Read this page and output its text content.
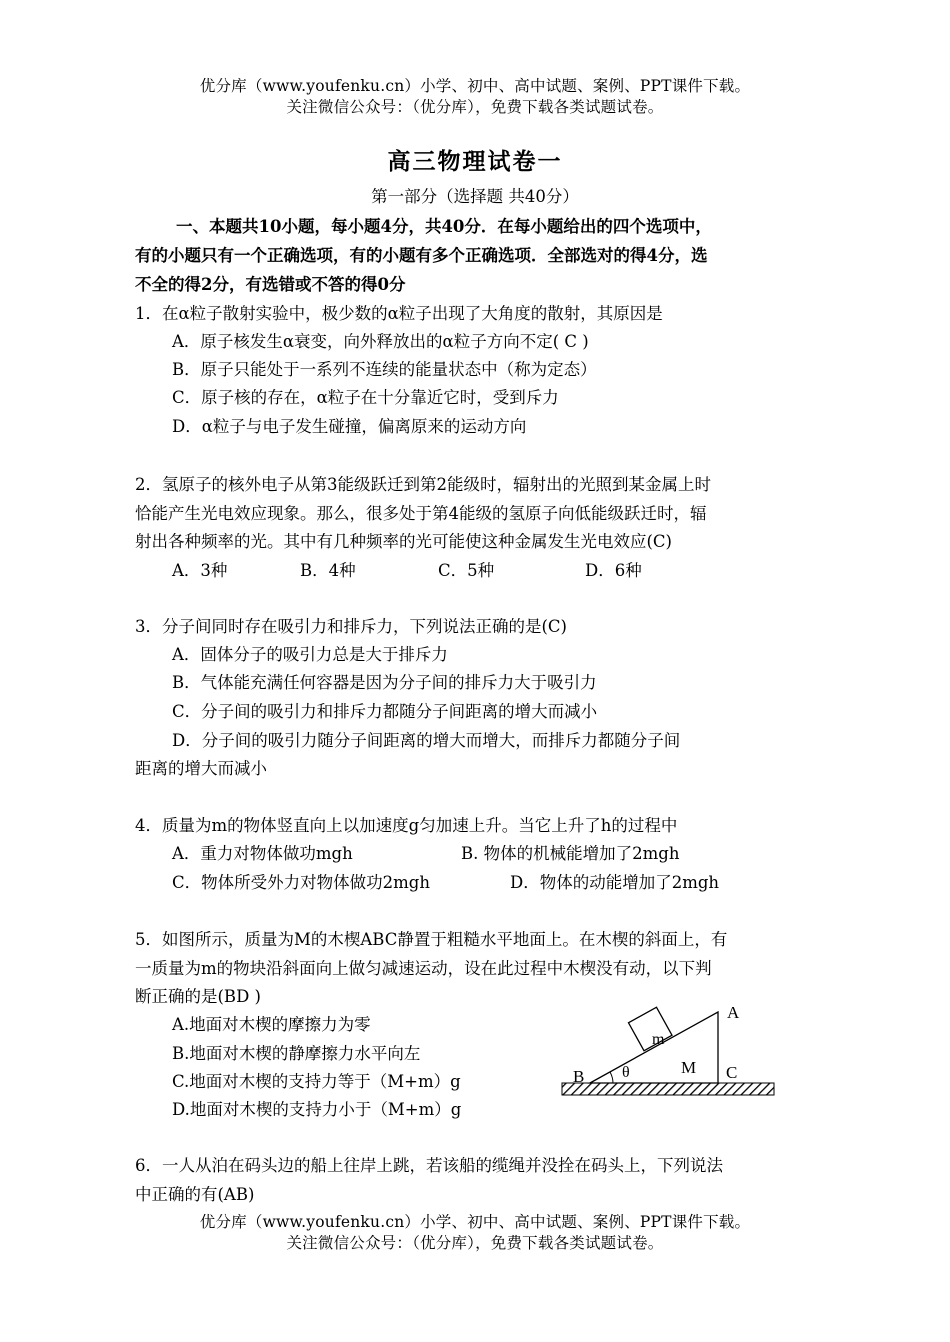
优分库（www.youfenku.cn）小学、初中、高中试题、案例、PPT课件下载。
关注微信公众号：（优分库），免费下载各类试题试卷。
高三物理试卷一
第一部分（选择题 共40分）
一、本题共10小题，每小题4分，共40分．在每小题给出的四个选项中，
有的小题只有一个正确选项，有的小题有多个正确选项．全部选对的得4分，选
不全的得2分，有选错或不答的得0分
1．在α粒子散射实验中，极少数的α粒子出现了大角度的散射，其原因是
A．原子核发生α衰变，向外释放出的α粒子方向不定( C )
B．原子只能处于一系列不连续的能量状态中（称为定态）
C．原子核的存在，α粒子在十分靠近它时，受到斥力
D．α粒子与电子发生碰撞，偏离原来的运动方向
2．氢原子的核外电子从第3能级跃迁到第2能级时，辐射出的光照到某金属上时
恰能产生光电效应现象。那么，很多处于第4能级的氢原子向低能级跃迁时，辐
射出各种频率的光。其中有几种频率的光可能使这种金属发生光电效应(C)
A．3种	B．4种	C．5种	D．6种
3．分子间同时存在吸引力和排斥力，下列说法正确的是(C)
A．固体分子的吸引力总是大于排斥力
B．气体能充满任何容器是因为分子间的排斥力大于吸引力
C．分子间的吸引力和排斥力都随分子间距离的增大而减小
D．分子间的吸引力随分子间距离的增大而增大，而排斥力都随分子间
距离的增大而减小
4．质量为m的物体竖直向上以加速度g匀加速上升。当它上升了h的过程中
A．重力对物体做功mgh	B. 物体的机械能增加了2mgh
C．物体所受外力对物体做功2mgh	D．物体的动能增加了2mgh
5．如图所示，质量为M的木楔ABC静置于粗糙水平地面上。在木楔的斜面上，有
一质量为m的物块沿斜面向上做匀减速运动，设在此过程中木楔没有动，以下判
断正确的是(BD )
A.地面对木楔的摩擦力为零
B.地面对木楔的静摩擦力水平向左
C.地面对木楔的支持力等于（M+m）g
D.地面对木楔的支持力小于（M+m）g
A
B	C
m
M
θ
6．一人从泊在码头边的船上往岸上跳，若该船的缆绳并没拴在码头上，下列说法
中正确的有(AB)
优分库（www.youfenku.cn）小学、初中、高中试题、案例、PPT课件下载。
关注微信公众号：（优分库），免费下载各类试题试卷。
